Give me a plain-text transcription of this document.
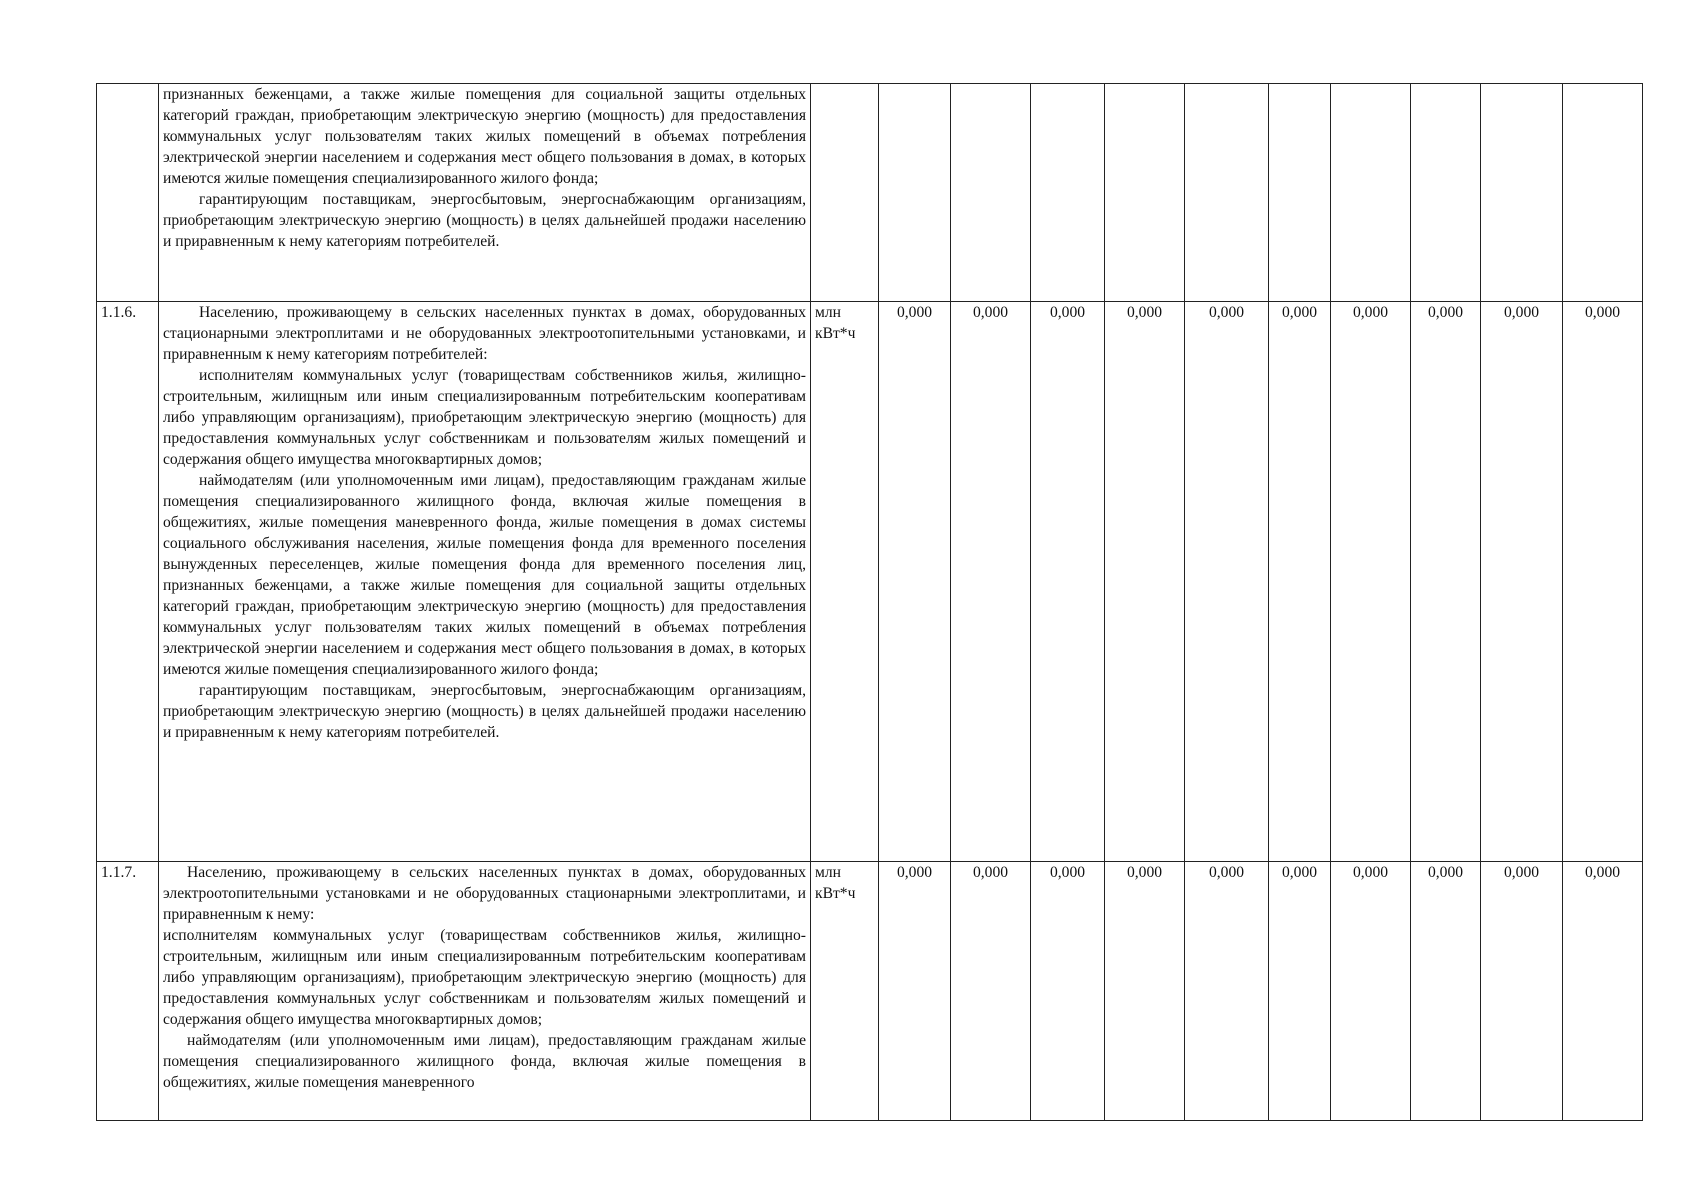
	признанных беженцами, а также жилые помещения для социальной защиты отдельных категорий граждан, приобретающим электрическую энергию (мощность) для предоставления коммунальных услуг пользователям таких жилых помещений в объемах потребления электрической энергии населением и содержания мест общего пользования в домах, в которых имеются жилые помещения специализированного жилого фонда;

гарантирующим поставщикам, энергосбытовым, энергоснабжающим организациям, приобретающим электрическую энергию (мощность) в целях дальнейшей продажи населению и приравненным к нему категориям потребителей.											

1.1.6.	Населению, проживающему в сельских населенных пунктах в домах, оборудованных стационарными электроплитами и не оборудованных электроотопительными установками, и приравненным к нему категориям потребителей:

исполнителям коммунальных услуг (товариществам собственников жилья, жилищно-строительным, жилищным или иным специализированным потребительским кооперативам либо управляющим организациям), приобретающим электрическую энергию (мощность) для предоставления коммунальных услуг собственникам и пользователям жилых помещений и содержания общего имущества многоквартирных домов;

наймодателям (или уполномоченным ими лицам), предоставляющим гражданам жилые помещения специализированного жилищного фонда, включая жилые помещения в общежитиях, жилые помещения маневренного фонда, жилые помещения в домах системы социального обслуживания населения, жилые помещения фонда для временного поселения вынужденных переселенцев, жилые помещения фонда для временного поселения лиц, признанных беженцами, а также жилые помещения для социальной защиты отдельных категорий граждан, приобретающим электрическую энергию (мощность) для предоставления коммунальных услуг пользователям таких жилых помещений в объемах потребления электрической энергии населением и содержания мест общего пользования в домах, в которых имеются жилые помещения специализированного жилого фонда;

гарантирующим поставщикам, энергосбытовым, энергоснабжающим организациям, приобретающим электрическую энергию (мощность) в целях дальнейшей продажи населению и приравненным к нему категориям потребителей.	млн кВт*ч	0,000	0,000	0,000	0,000	0,000	0,000	0,000	0,000	0,000	0,000
1.1.7.	Населению, проживающему в сельских населенных пунктах в домах, оборудованных электроотопительными установками и не оборудованных стационарными электроплитами, и приравненным к нему:

исполнителям коммунальных услуг (товариществам собственников жилья, жилищно-строительным, жилищным или иным специализированным потребительским кооперативам либо управляющим организациям), приобретающим электрическую энергию (мощность) для предоставления коммунальных услуг собственникам и пользователям жилых помещений и содержания общего имущества многоквартирных домов;

наймодателям (или уполномоченным ими лицам), предоставляющим гражданам жилые помещения специализированного жилищного фонда, включая жилые помещения в общежитиях, жилые помещения маневренного	млн кВт*ч	0,000	0,000	0,000	0,000	0,000	0,000	0,000	0,000	0,000	0,000
